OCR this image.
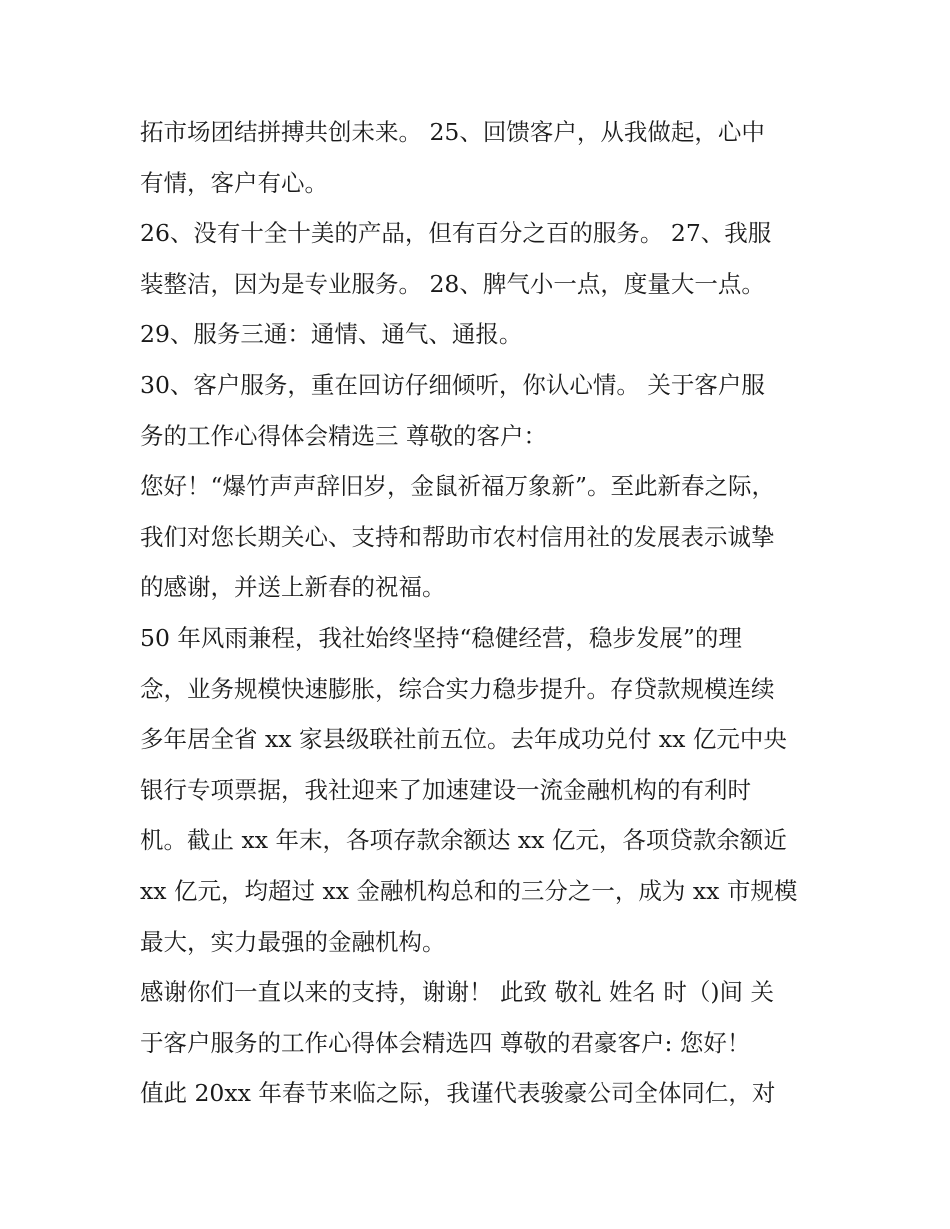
拓市场团结拼搏共创未来。 25、回馈客户，从我做起，心中
有情，客户有心。
26、没有十全十美的产品，但有百分之百的服务。 27、我服
装整洁，因为是专业服务。 28、脾气小一点，度量大一点。
29、服务三通：通情、通气、通报。
30、客户服务，重在回访仔细倾听，你认心情。 关于客户服
务的工作心得体会精选三 尊敬的客户：
您好！“爆竹声声辞旧岁，金鼠祈福万象新”。至此新春之际，
我们对您长期关心、支持和帮助市农村信用社的发展表示诚挚
的感谢，并送上新春的祝福。
50 年风雨兼程，我社始终坚持“稳健经营，稳步发展”的理
念，业务规模快速膨胀，综合实力稳步提升。存贷款规模连续
多年居全省 xx 家县级联社前五位。去年成功兑付 xx 亿元中央
银行专项票据，我社迎来了加速建设一流金融机构的有利时
机。截止 xx 年末，各项存款余额达 xx 亿元，各项贷款余额近
xx 亿元，均超过 xx 金融机构总和的三分之一，成为 xx 市规模
最大，实力最强的金融机构。
感谢你们一直以来的支持，谢谢！ 此致 敬礼 姓名 时（)间 关
于客户服务的工作心得体会精选四 尊敬的君豪客户: 您好！
值此 20xx 年春节来临之际，我谨代表骏豪公司全体同仁，对
